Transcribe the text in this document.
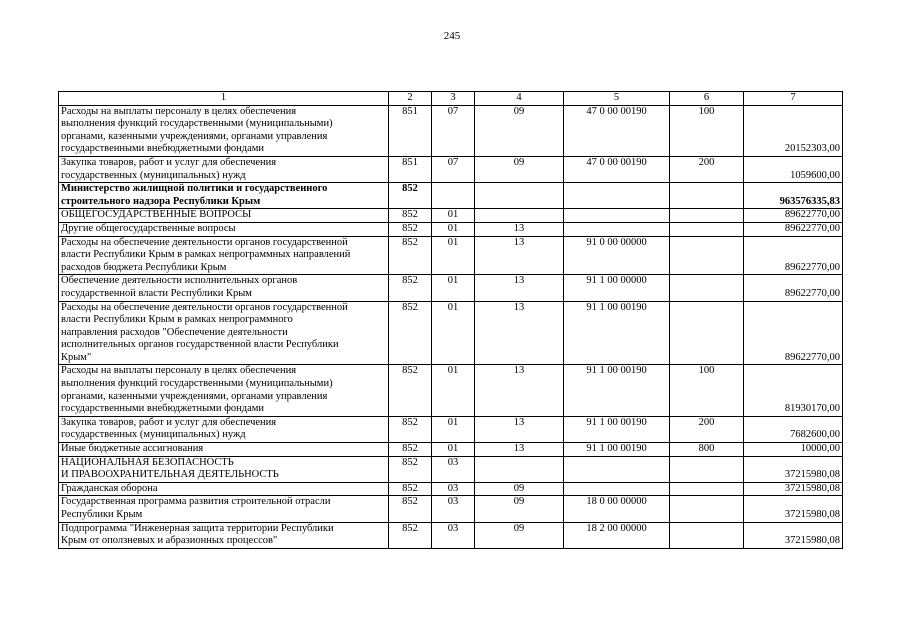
245
1	2	3	4	5	6	7
Расходы на выплаты персоналу в целях обеспечения
выполнения функций государственными (муниципальными)
органами, казенными учреждениями, органами управления
государственными внебюджетными фондами	851	07	09	47 0 00 00190	100	20152303,00
Закупка товаров, работ и услуг для обеспечения
государственных (муниципальных) нужд	851	07	09	47 0 00 00190	200	1059600,00
Министерство жилищной политики и государственного
строительного надзора Республики Крым	852					963576335,83
ОБЩЕГОСУДАРСТВЕННЫЕ ВОПРОСЫ	852	01				89622770,00
Другие общегосударственные вопросы	852	01	13			89622770,00
Расходы на обеспечение деятельности органов государственной
власти Республики Крым в рамках непрограммных направлений
расходов бюджета Республики Крым	852	01	13	91 0 00 00000		89622770,00
Обеспечение деятельности исполнительных органов
государственной власти Республики Крым	852	01	13	91 1 00 00000		89622770,00
Расходы на обеспечение деятельности органов государственной
власти Республики Крым в рамках непрограммного
направления расходов "Обеспечение деятельности
исполнительных органов государственной власти Республики
Крым"	852	01	13	91 1 00 00190		89622770,00
Расходы на выплаты персоналу в целях обеспечения
выполнения функций государственными (муниципальными)
органами, казенными учреждениями, органами управления
государственными внебюджетными фондами	852	01	13	91 1 00 00190	100	81930170,00
Закупка товаров, работ и услуг для обеспечения
государственных (муниципальных) нужд	852	01	13	91 1 00 00190	200	7682600,00
Иные бюджетные ассигнования	852	01	13	91 1 00 00190	800	10000,00
НАЦИОНАЛЬНАЯ БЕЗОПАСНОСТЬ
И ПРАВООХРАНИТЕЛЬНАЯ ДЕЯТЕЛЬНОСТЬ	852	03				37215980,08
Гражданская оборона	852	03	09			37215980,08
Государственная программа развития строительной отрасли
Республики Крым	852	03	09	18 0 00 00000		37215980,08
Подпрограмма "Инженерная защита территории Республики
Крым от оползневых и абразионных процессов"	852	03	09	18 2 00 00000		37215980,08
